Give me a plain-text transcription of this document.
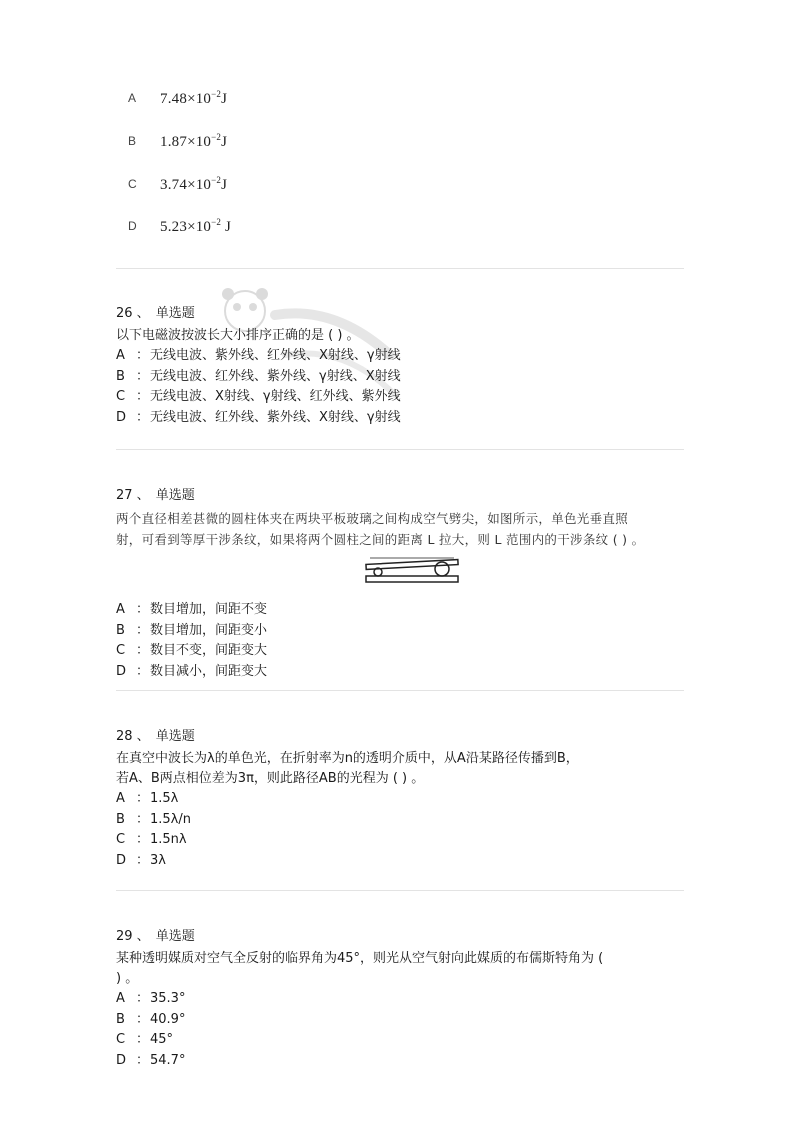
A	$7.48\times 10^{-2}J$
B	$1.87\times 10^{-2}J$
C	$3.74\times 10^{-2}J$
D	$5.23\times 10^{-2}$ J
26 、 单选题
以下电磁波按波长大小排序正确的是 ( ) 。
A ： 无线电波、紫外线、红外线、X射线、γ射线
B ： 无线电波、红外线、紫外线、γ射线、X射线
C ： 无线电波、X射线、γ射线、红外线、紫外线
D ： 无线电波、红外线、紫外线、X射线、γ射线
27 、 单选题
两个直径相差甚微的圆柱体夹在两块平板玻璃之间构成空气劈尖，如图所示，单色光垂直照
射，可看到等厚干涉条纹，如果将两个圆柱之间的距离 L 拉大，则 L 范围内的干涉条纹 ( ) 。
A ： 数目增加，间距不变
B ： 数目增加，间距变小
C ： 数目不变，间距变大
D ： 数目减小，间距变大
28 、 单选题
在真空中波长为λ的单色光，在折射率为n的透明介质中，从A沿某路径传播到B，
若A、B两点相位差为3π，则此路径AB的光程为 ( ) 。
A ： 1.5λ
B ： 1.5λ/n
C ： 1.5nλ
D ： 3λ
29 、 单选题
某种透明媒质对空气全反射的临界角为45°，则光从空气射向此媒质的布儒斯特角为 (
) 。
A ： 35.3°
B ： 40.9°
C ： 45°
D ： 54.7°
